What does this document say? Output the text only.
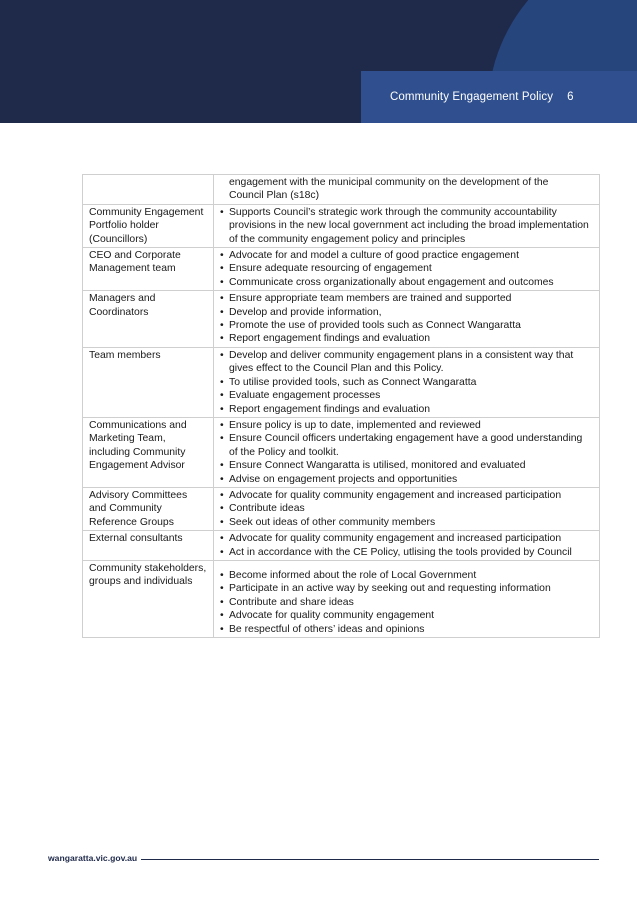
Community Engagement Policy 6

	engagement with the municipal community on the development of the
Council Plan (s18c)

Community Engagement Portfolio holder (Councillors)	• Supports Council’s strategic work through the community accountability provisions in the new local government act including the broad implementation of the community engagement policy and principles

CEO and Corporate Management team	• Advocate for and model a culture of good practice engagement
• Ensure adequate resourcing of engagement
• Communicate cross organizationally about engagement and outcomes

Managers and Coordinators	• Ensure appropriate team members are trained and supported
• Develop and provide information,
• Promote the use of provided tools such as Connect Wangaratta
• Report engagement findings and evaluation

Team members	• Develop and deliver community engagement plans in a consistent way that gives effect to the Council Plan and this Policy.
• To utilise provided tools, such as Connect Wangaratta
• Evaluate engagement processes
• Report engagement findings and evaluation

Communications and Marketing Team, including Community Engagement Advisor	• Ensure policy is up to date, implemented and reviewed
• Ensure Council officers undertaking engagement have a good understanding of the Policy and toolkit.
• Ensure Connect Wangaratta is utilised, monitored and evaluated
• Advise on engagement projects and opportunities

Advisory Committees and Community Reference Groups	• Advocate for quality community engagement and increased participation
• Contribute ideas
• Seek out ideas of other community members

External consultants	• Advocate for quality community engagement and increased participation
• Act in accordance with the CE Policy, utlising the tools provided by Council

Community stakeholders, groups and individuals	• Become informed about the role of Local Government
• Participate in an active way by seeking out and requesting information
• Contribute and share ideas
• Advocate for quality community engagement
• Be respectful of others’ ideas and opinions
wangaratta.vic.gov.au
